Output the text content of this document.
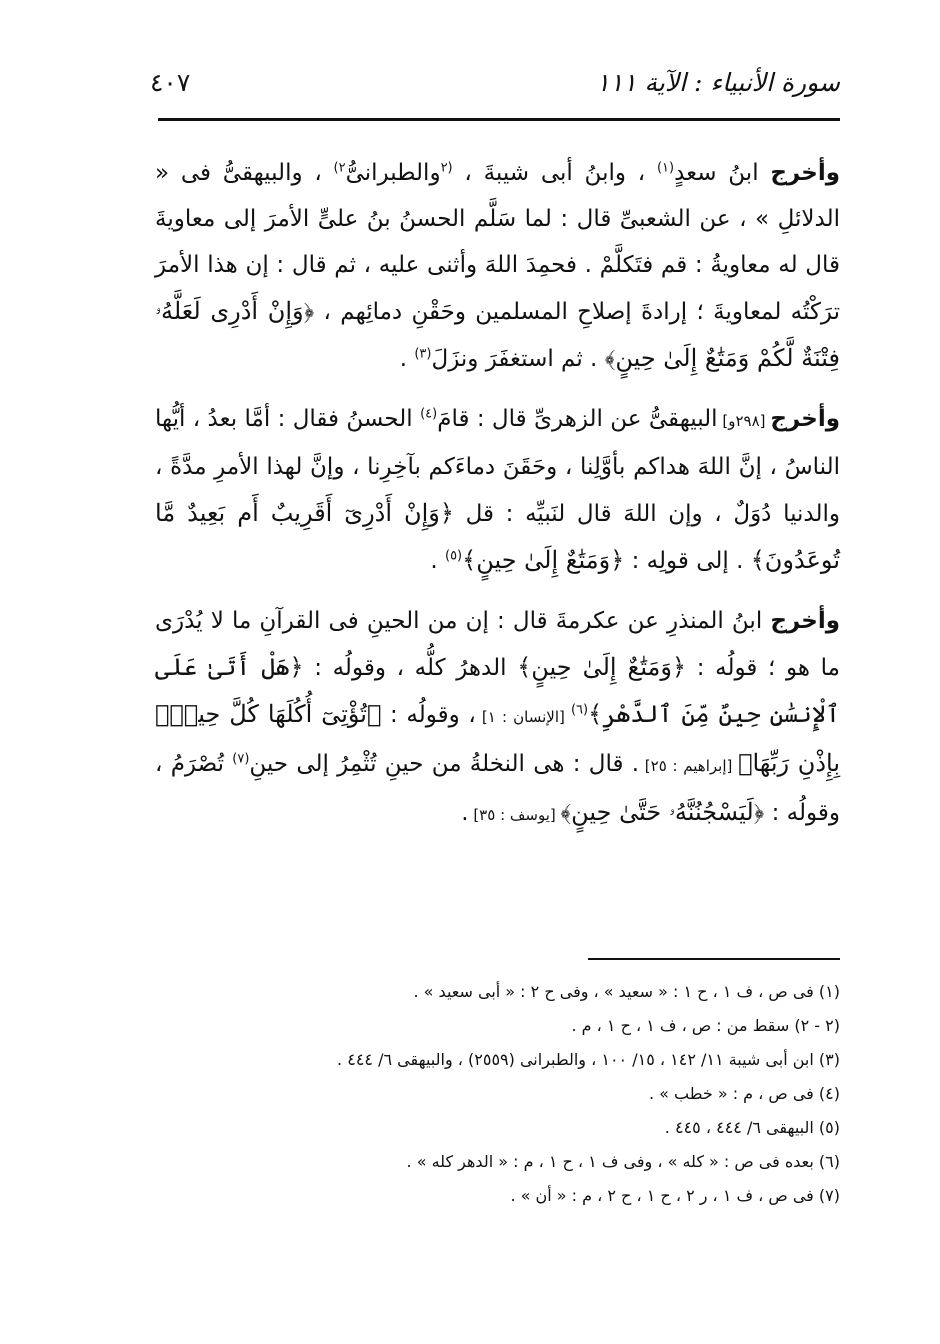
سورة الأنبياء : الآية ١١١
٤٠٧

وأخرج ابنُ سعدٍ$^{(١)}$ ، وابنُ أبى شيبةَ ، $^{(٢}$والطبرانىُّ$^{٢)}$ ، والبيهقىُّ فى « الدلائلِ » ، عن الشعبىِّ قال : لما سَلَّم الحسنُ بنُ علىٍّ الأمرَ إلى معاويةَ قال له معاويةُ : قم فتَكلَّمْ . فحمِدَ اللهَ وأثنى عليه ، ثم قال : إن هذا الأمرَ ترَكْتُه لمعاويةَ ؛ إرادةَ إصلاحِ المسلمين وحَقْنِ دمائِهم ، ﴿وَإِنْ أَدْرِى لَعَلَّهُۥ فِتْنَةٌ لَّكُمْ وَمَتَٰعٌ إِلَىٰ حِينٍ﴾ . ثم استغفَرَ ونزَلَ$^{(٣)}$ .

وأخرج [٢٩٨و] البيهقىُّ عن الزهرىِّ قال : قامَ$^{(٤)}$ الحسنُ فقال : أمَّا بعدُ ، أيُّها الناسُ ، إنَّ اللهَ هداكم بأوَّلِنا ، وحَقَنَ دماءَكم بآخِرِنا ، وإنَّ لهذا الأمرِ مدَّةً ، والدنيا دُوَلٌ ، وإن اللهَ قال لنَبيِّه : قل ﴿وَإِنْ أَدْرِىٓ أَقَرِيبٌ أَم بَعِيدٌ مَّا تُوعَدُونَ﴾ . إلى قولِه : ﴿وَمَتَٰعٌ إِلَىٰ حِينٍ﴾$^{(٥)}$ .

وأخرج ابنُ المنذرِ عن عكرمةَ قال : إن من الحينِ فى القرآنِ ما لا يُدْرَى ما هو ؛ قولُه : ﴿وَمَتَٰعٌ إِلَىٰ حِينٍ﴾ الدهرُ كلُّه ، وقولُه : ﴿هَلْ أَتَىٰ عَلَى ٱلْإِنسَٰنِ حِينٌ مِّنَ ٱلدَّهْرِ﴾$^{(٦)}$ [الإنسان : ١] ، وقولُه : ﴿تُؤْتِىٓ أُكُلَهَا كُلَّ حِينٍۭ بِإِذْنِ رَبِّهَا﴾ [إبراهيم : ٢٥] . قال : هى النخلةُ من حينِ تُثْمِرُ إلى حينِ$^{(٧)}$ تُصْرَمُ ، وقولُه : ﴿لَيَسْجُنُنَّهُۥ حَتَّىٰ حِينٍ﴾ [يوسف : ٣٥] .

(١) فى ص ، ف ١ ، ح ١ : « سعيد » ، وفى ح ٢ : « أبى سعيد » .

(٢ - ٢) سقط من : ص ، ف ١ ، ح ١ ، م .

(٣) ابن أبى شيبة ١١/ ١٤٢ ، ١٥/ ١٠٠ ، والطبرانى (٢٥٥٩) ، والبيهقى ٦/ ٤٤٤ .

(٤) فى ص ، م : « خطب » .

(٥) البيهقى ٦/ ٤٤٤ ، ٤٤٥ .

(٦) بعده فى ص : « كله » ، وفى ف ١ ، ح ١ ، م : « الدهر كله » .

(٧) فى ص ، ف ١ ، ر ٢ ، ح ١ ، ح ٢ ، م : « أن » .
